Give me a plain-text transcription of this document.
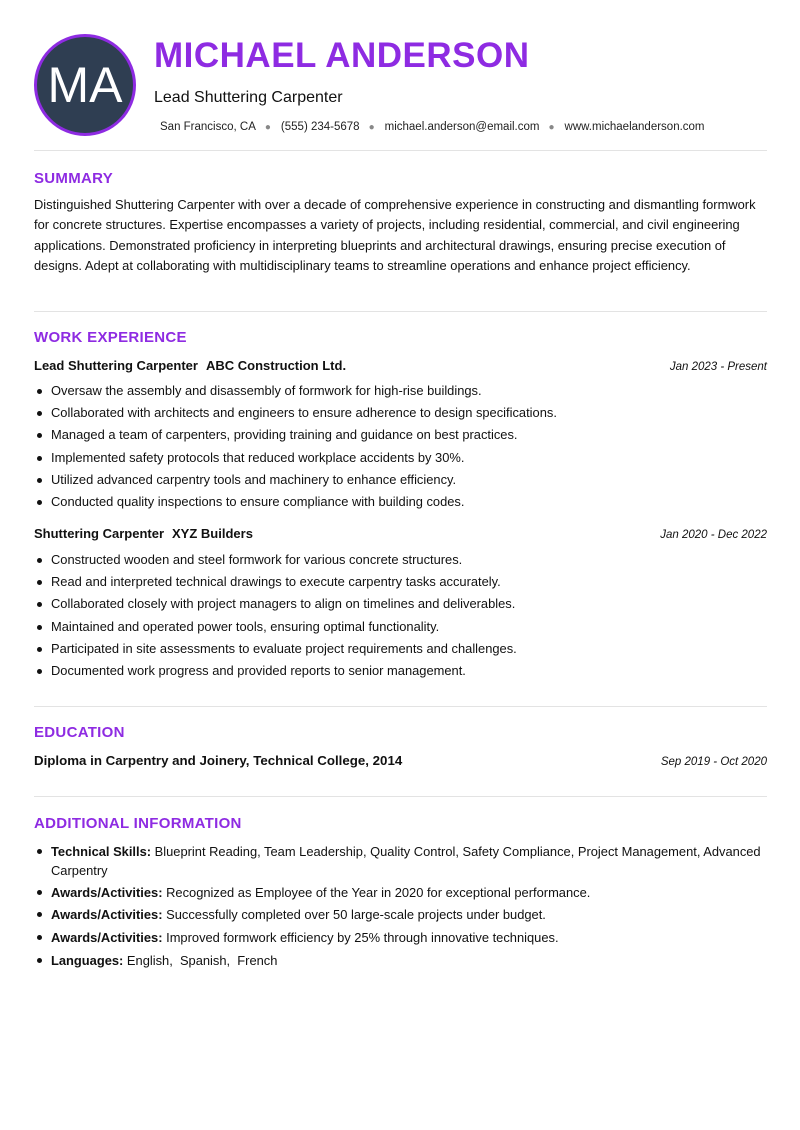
MA
MICHAEL ANDERSON
Lead Shuttering Carpenter
San Francisco, CA ● (555) 234-5678 ● michael.anderson@email.com ● www.michaelanderson.com
SUMMARY

Distinguished Shuttering Carpenter with over a decade of comprehensive experience in constructing and dismantling formwork for concrete structures. Expertise encompasses a variety of projects, including residential, commercial, and civil engineering applications. Demonstrated proficiency in interpreting blueprints and architectural drawings, ensuring precise execution of designs. Adept at collaborating with multidisciplinary teams to streamline operations and enhance project efficiency.

WORK EXPERIENCE
Lead Shuttering Carpenter ABC Construction Ltd.	Jan 2023 - Present
Oversaw the assembly and disassembly of formwork for high-rise buildings.
Collaborated with architects and engineers to ensure adherence to design specifications.
Managed a team of carpenters, providing training and guidance on best practices.
Implemented safety protocols that reduced workplace accidents by 30%.
Utilized advanced carpentry tools and machinery to enhance efficiency.
Conducted quality inspections to ensure compliance with building codes.
Shuttering Carpenter XYZ Builders	Jan 2020 - Dec 2022
Constructed wooden and steel formwork for various concrete structures.
Read and interpreted technical drawings to execute carpentry tasks accurately.
Collaborated closely with project managers to align on timelines and deliverables.
Maintained and operated power tools, ensuring optimal functionality.
Participated in site assessments to evaluate project requirements and challenges.
Documented work progress and provided reports to senior management.
EDUCATION
Diploma in Carpentry and Joinery, Technical College, 2014	Sep 2019 - Oct 2020
ADDITIONAL INFORMATION
Technical Skills: Blueprint Reading, Team Leadership, Quality Control, Safety Compliance, Project Management, Advanced Carpentry
Awards/Activities: Recognized as Employee of the Year in 2020 for exceptional performance.
Awards/Activities: Successfully completed over 50 large-scale projects under budget.
Awards/Activities: Improved formwork efficiency by 25% through innovative techniques.
Languages: English,  Spanish,  French
